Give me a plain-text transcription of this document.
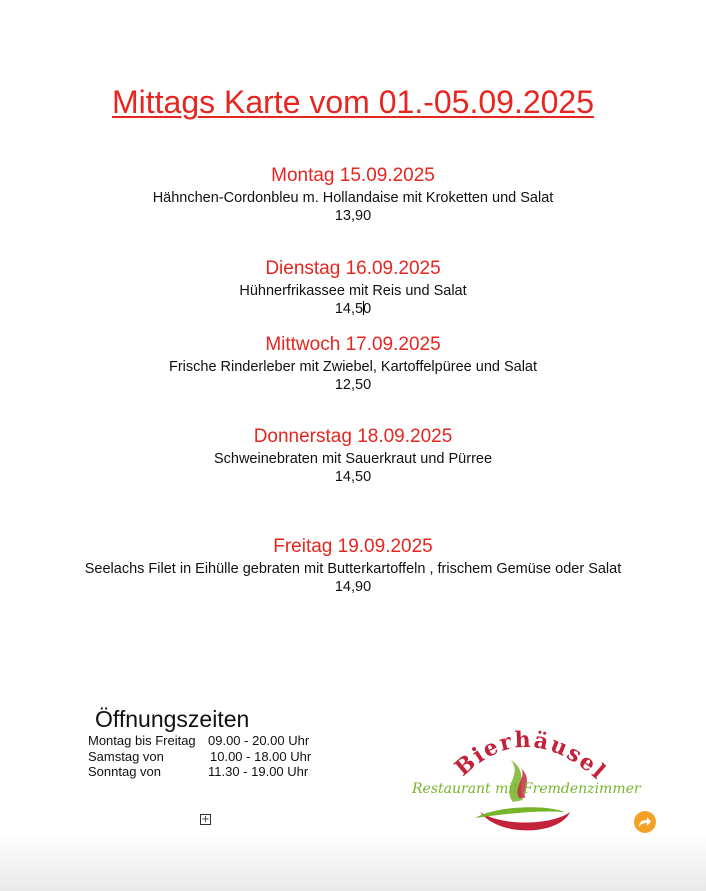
Mittags Karte vom 01.-05.09.2025
Montag 15.09.2025
Hähnchen-Cordonbleu m. Hollandaise mit Kroketten und Salat
13,90
Dienstag 16.09.2025
Hühnerfrikassee mit Reis und Salat
14,50
Mittwoch 17.09.2025
Frische Rinderleber mit Zwiebel, Kartoffelpüree und Salat
12,50
Donnerstag 18.09.2025
Schweinebraten mit Sauerkraut und Pürree
14,50
Freitag 19.09.2025
Seelachs Filet in Eihülle gebraten mit Butterkartoffeln , frischem Gemüse oder Salat
14,90
Öffnungszeiten
Montag bis Freitag 09.00 - 20.00 Uhr
Samstag von	10.00 - 18.00 Uhr
Sonntag von	11.30 - 19.00 Uhr
+
Bierhäusel
Restaurant mit Fremdenzimmer
